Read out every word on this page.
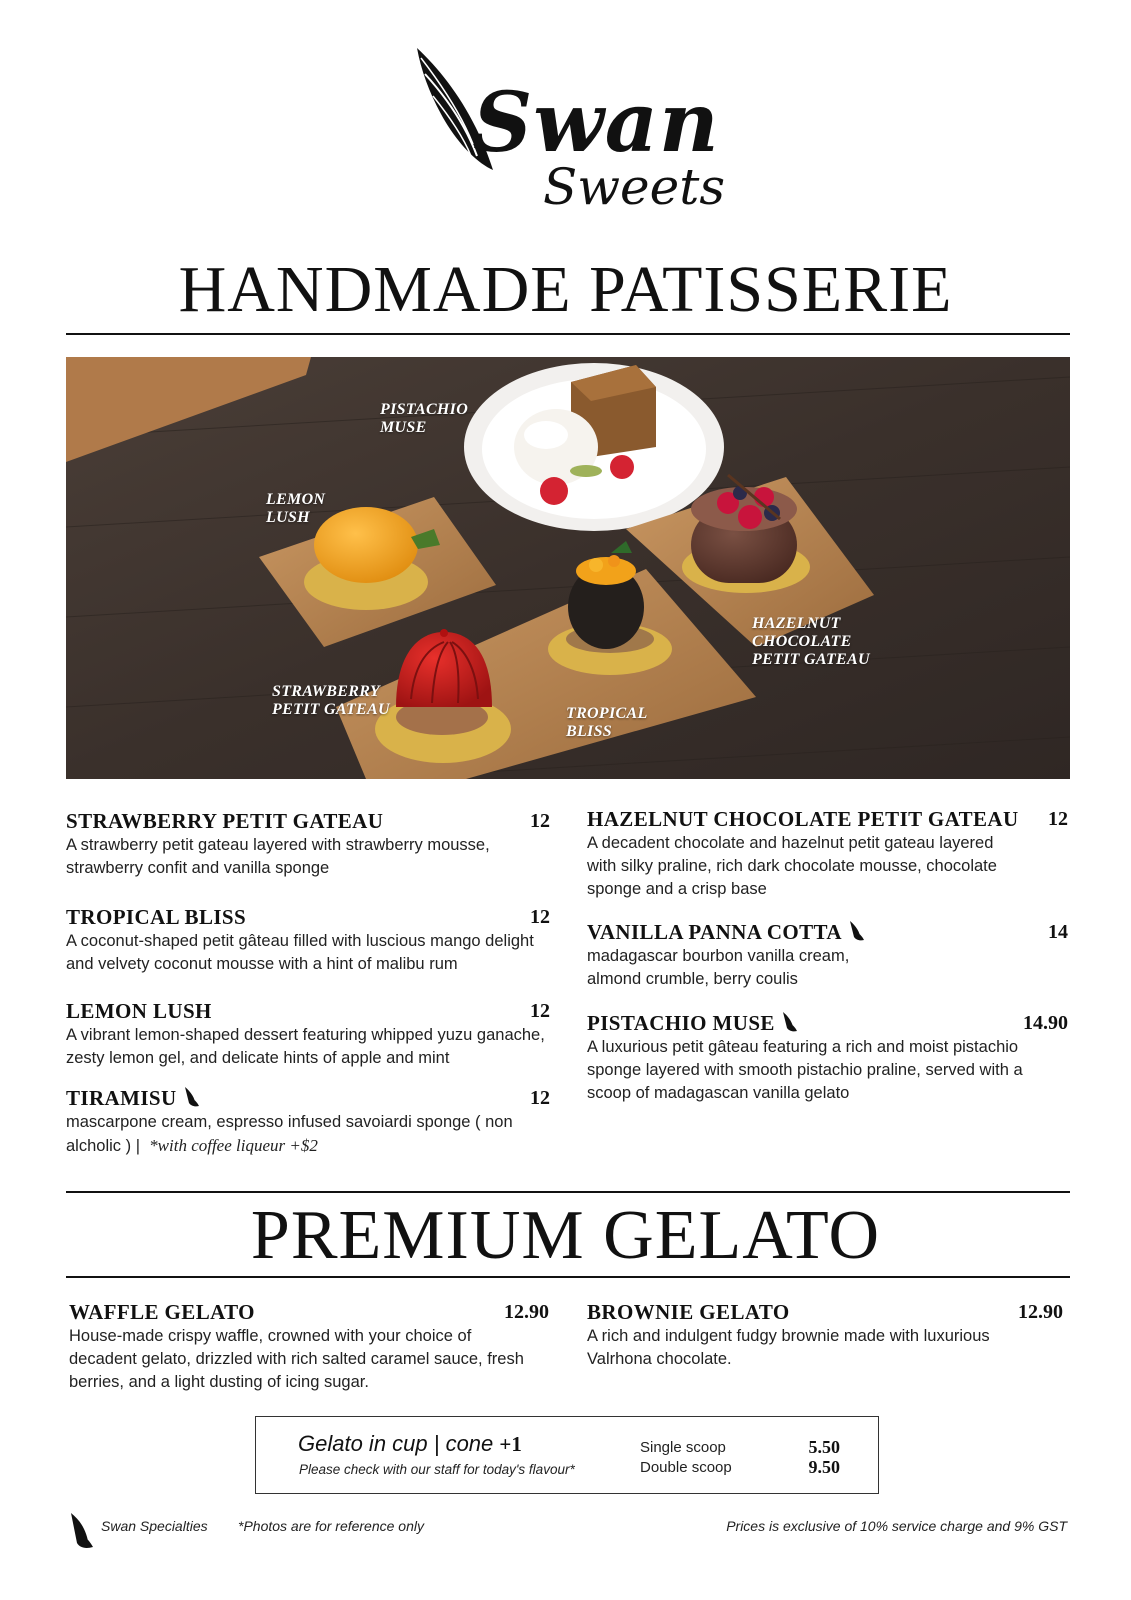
Swan
Sweets
HANDMADE PATISSERIE
PISTACHIO
MUSE
LEMON
LUSH
HAZELNUT
CHOCOLATE
PETIT GATEAU
STRAWBERRY
PETIT GATEAU	TROPICAL
BLISS
STRAWBERRY PETIT GATEAU	12
A strawberry petit gateau layered with strawberry mousse, strawberry confit and vanilla sponge
TROPICAL BLISS	12
A coconut-shaped petit gâteau filled with luscious mango delight and velvety coconut mousse with a hint of malibu rum
LEMON LUSH	12
A vibrant lemon-shaped dessert featuring whipped yuzu ganache, zesty lemon gel, and delicate hints of apple and mint
TIRAMISU	12
mascarpone cream, espresso infused savoiardi sponge ( non alcholic ) | *with coffee liqueur +$2
HAZELNUT CHOCOLATE PETIT GATEAU	12
A decadent chocolate and hazelnut petit gateau layered with silky praline, rich dark chocolate mousse, chocolate sponge and a crisp base
VANILLA PANNA COTTA	14
madagascar bourbon vanilla cream, almond crumble, berry coulis
PISTACHIO MUSE	14.90
A luxurious petit gâteau featuring a rich and moist pistachio sponge layered with smooth pistachio praline, served with a scoop of madagascan vanilla gelato
PREMIUM GELATO
WAFFLE GELATO	12.90
House-made crispy waffle, crowned with your choice of decadent gelato, drizzled with rich salted caramel sauce, fresh berries, and a light dusting of icing sugar.
BROWNIE GELATO	12.90
A rich and indulgent fudgy brownie made with luxurious Valrhona chocolate.
Gelato in cup | cone +1
Please check with our staff for today's flavour*
Single scoop	5.50
Double scoop	9.50
Swan Specialties *Photos are for reference only	Prices is exclusive of 10% service charge and 9% GST
